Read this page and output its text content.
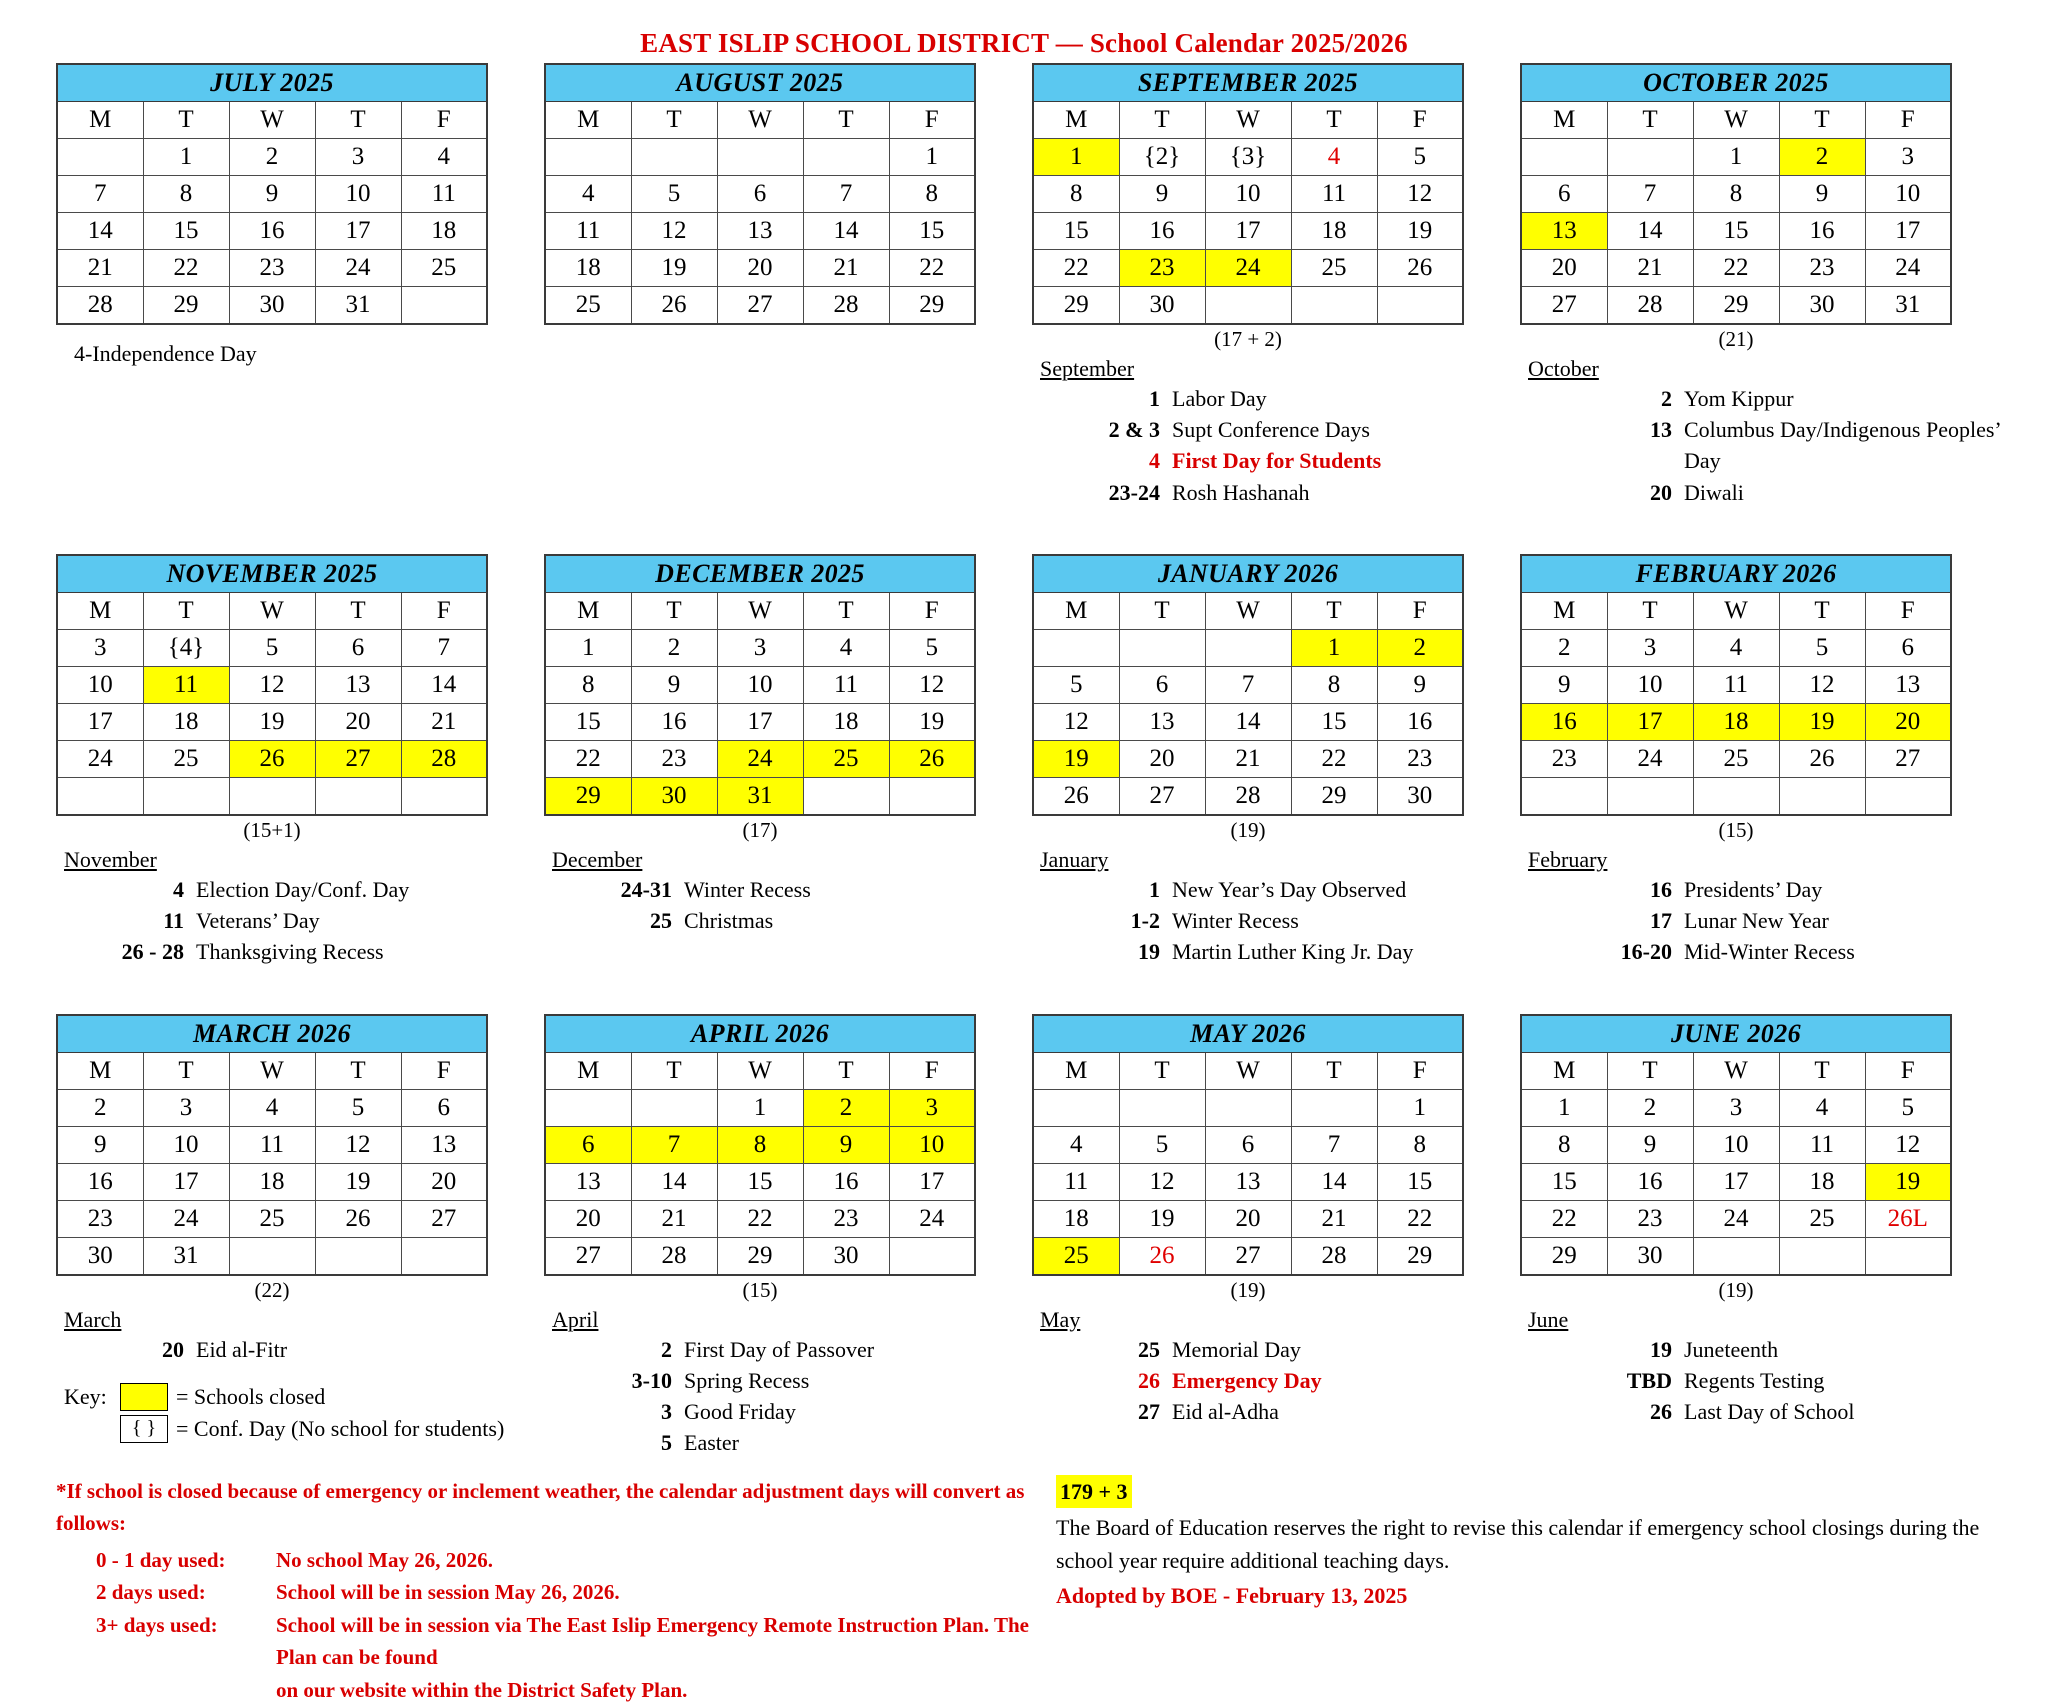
EAST ISLIP SCHOOL DISTRICT — School Calendar 2025/2026
JULY 2025				
M	T	W	T	F
	1	2	3	4
7	8	9	10	11
14	15	16	17	18
21	22	23	24	25
28	29	30	31	
4-Independence Day
AUGUST 2025				
M	T	W	T	F
				1
4	5	6	7	8
11	12	13	14	15
18	19	20	21	22
25	26	27	28	29
SEPTEMBER 2025				
M	T	W	T	F
1	{2}	{3}	4	5
8	9	10	11	12
15	16	17	18	19
22	23	24	25	26
29	30			
(17 + 2)
September
1 Labor Day
2 & 3 Supt Conference Days
4 First Day for Students
23-24 Rosh Hashanah
OCTOBER 2025				
M	T	W	T	F
		1	2	3
6	7	8	9	10
13	14	15	16	17
20	21	22	23	24
27	28	29	30	31
(21)
October
2 Yom Kippur
13 Columbus Day/Indigenous Peoples’ Day
20 Diwali
NOVEMBER 2025				
M	T	W	T	F
3	{4}	5	6	7
10	11	12	13	14
17	18	19	20	21
24	25	26	27	28

(15+1)
November
4 Election Day/Conf. Day
11 Veterans’ Day
26 - 28 Thanksgiving Recess
DECEMBER 2025				
M	T	W	T	F
1	2	3	4	5
8	9	10	11	12
15	16	17	18	19
22	23	24	25	26
29	30	31		
(17)
December
24-31 Winter Recess
25 Christmas
JANUARY 2026				
M	T	W	T	F
			1	2
5	6	7	8	9
12	13	14	15	16
19	20	21	22	23
26	27	28	29	30
(19)
January
1 New Year’s Day Observed
1-2 Winter Recess
19 Martin Luther King Jr. Day
FEBRUARY 2026				
M	T	W	T	F
2	3	4	5	6
9	10	11	12	13
16	17	18	19	20
23	24	25	26	27

(15)
February
16 Presidents’ Day
17 Lunar New Year
16-20 Mid-Winter Recess
MARCH 2026				
M	T	W	T	F
2	3	4	5	6
9	10	11	12	13
16	17	18	19	20
23	24	25	26	27
30	31			
(22)
March
20 Eid al-Fitr
Key:	= Schools closed
{ } = Conf. Day (No school for students)
APRIL 2026				
M	T	W	T	F
		1	2	3
6	7	8	9	10
13	14	15	16	17
20	21	22	23	24
27	28	29	30	
(15)
April
2 First Day of Passover
3-10 Spring Recess
3 Good Friday
5 Easter
MAY 2026				
M	T	W	T	F
				1
4	5	6	7	8
11	12	13	14	15
18	19	20	21	22
25	26	27	28	29
(19)
May
25 Memorial Day
26 Emergency Day
27 Eid al-Adha
JUNE 2026				
M	T	W	T	F
1	2	3	4	5
8	9	10	11	12
15	16	17	18	19
22	23	24	25	26L
29	30			
(19)
June
19 Juneteenth
TBD Regents Testing
26 Last Day of School
*If school is closed because of emergency or inclement weather, the calendar adjustment days will convert as follows:
0 - 1 day used:	No school May 26, 2026.
2 days used:	School will be in session May 26, 2026.
3+ days used:	School will be in session via The East Islip Emergency Remote Instruction Plan. The Plan can be found
on our website within the District Safety Plan.
179 + 3
The Board of Education reserves the right to revise this calendar if emergency school closings during the school year require additional teaching days.
Adopted by BOE - February 13, 2025
